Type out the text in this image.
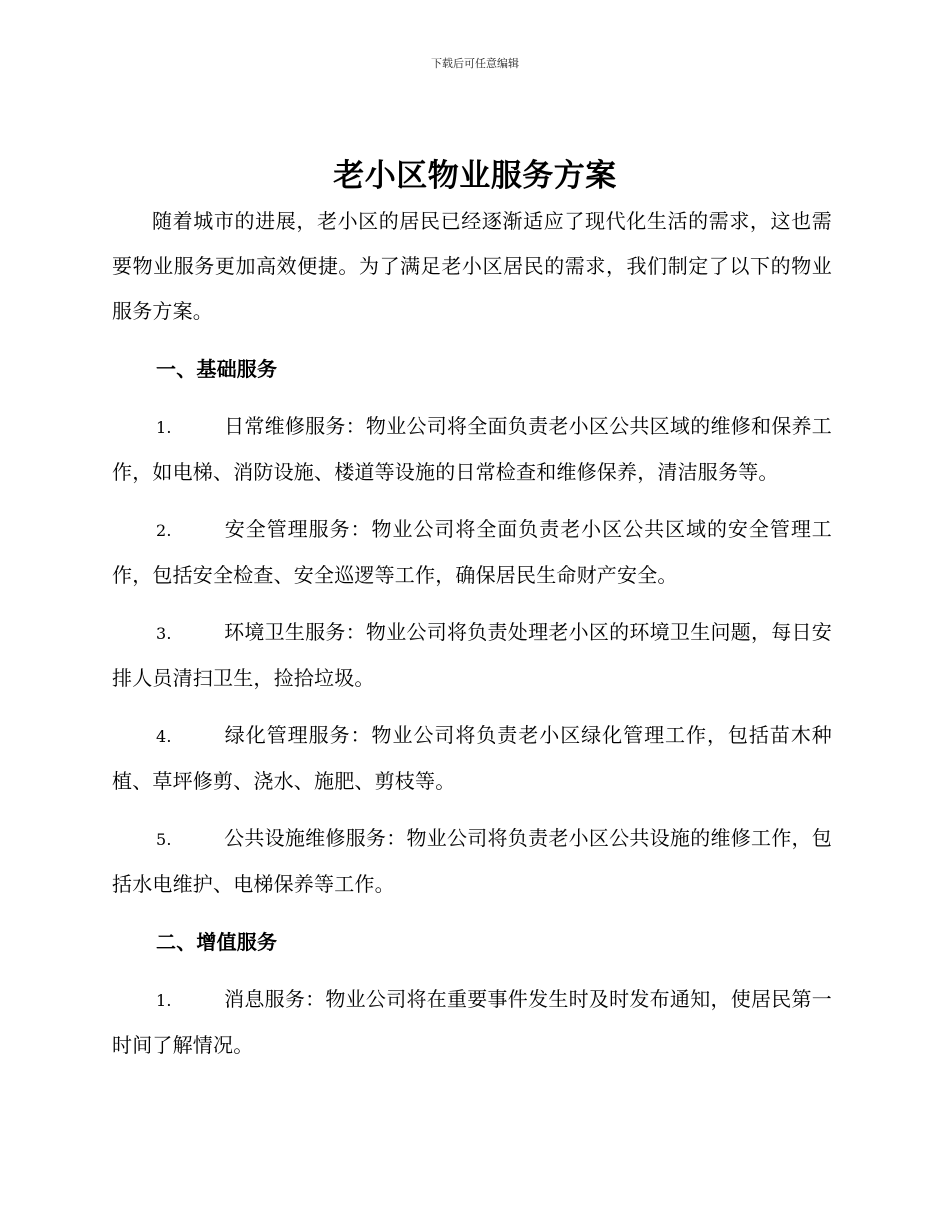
下载后可任意编辑
老小区物业服务方案

随着城市的进展，老小区的居民已经逐渐适应了现代化生活的需求，这也需要物业服务更加高效便捷。为了满足老小区居民的需求，我们制定了以下的物业服务方案。

一、基础服务

1.	日常维修服务：物业公司将全面负责老小区公共区域的维修和保养工作，如电梯、消防设施、楼道等设施的日常检查和维修保养，清洁服务等。

2.	安全管理服务：物业公司将全面负责老小区公共区域的安全管理工作，包括安全检查、安全巡逻等工作，确保居民生命财产安全。

3.	环境卫生服务：物业公司将负责处理老小区的环境卫生问题，每日安排人员清扫卫生，捡拾垃圾。

4.	绿化管理服务：物业公司将负责老小区绿化管理工作，包括苗木种植、草坪修剪、浇水、施肥、剪枝等。

5.	公共设施维修服务：物业公司将负责老小区公共设施的维修工作，包括水电维护、电梯保养等工作。

二、增值服务

1.	消息服务：物业公司将在重要事件发生时及时发布通知，使居民第一时间了解情况。
